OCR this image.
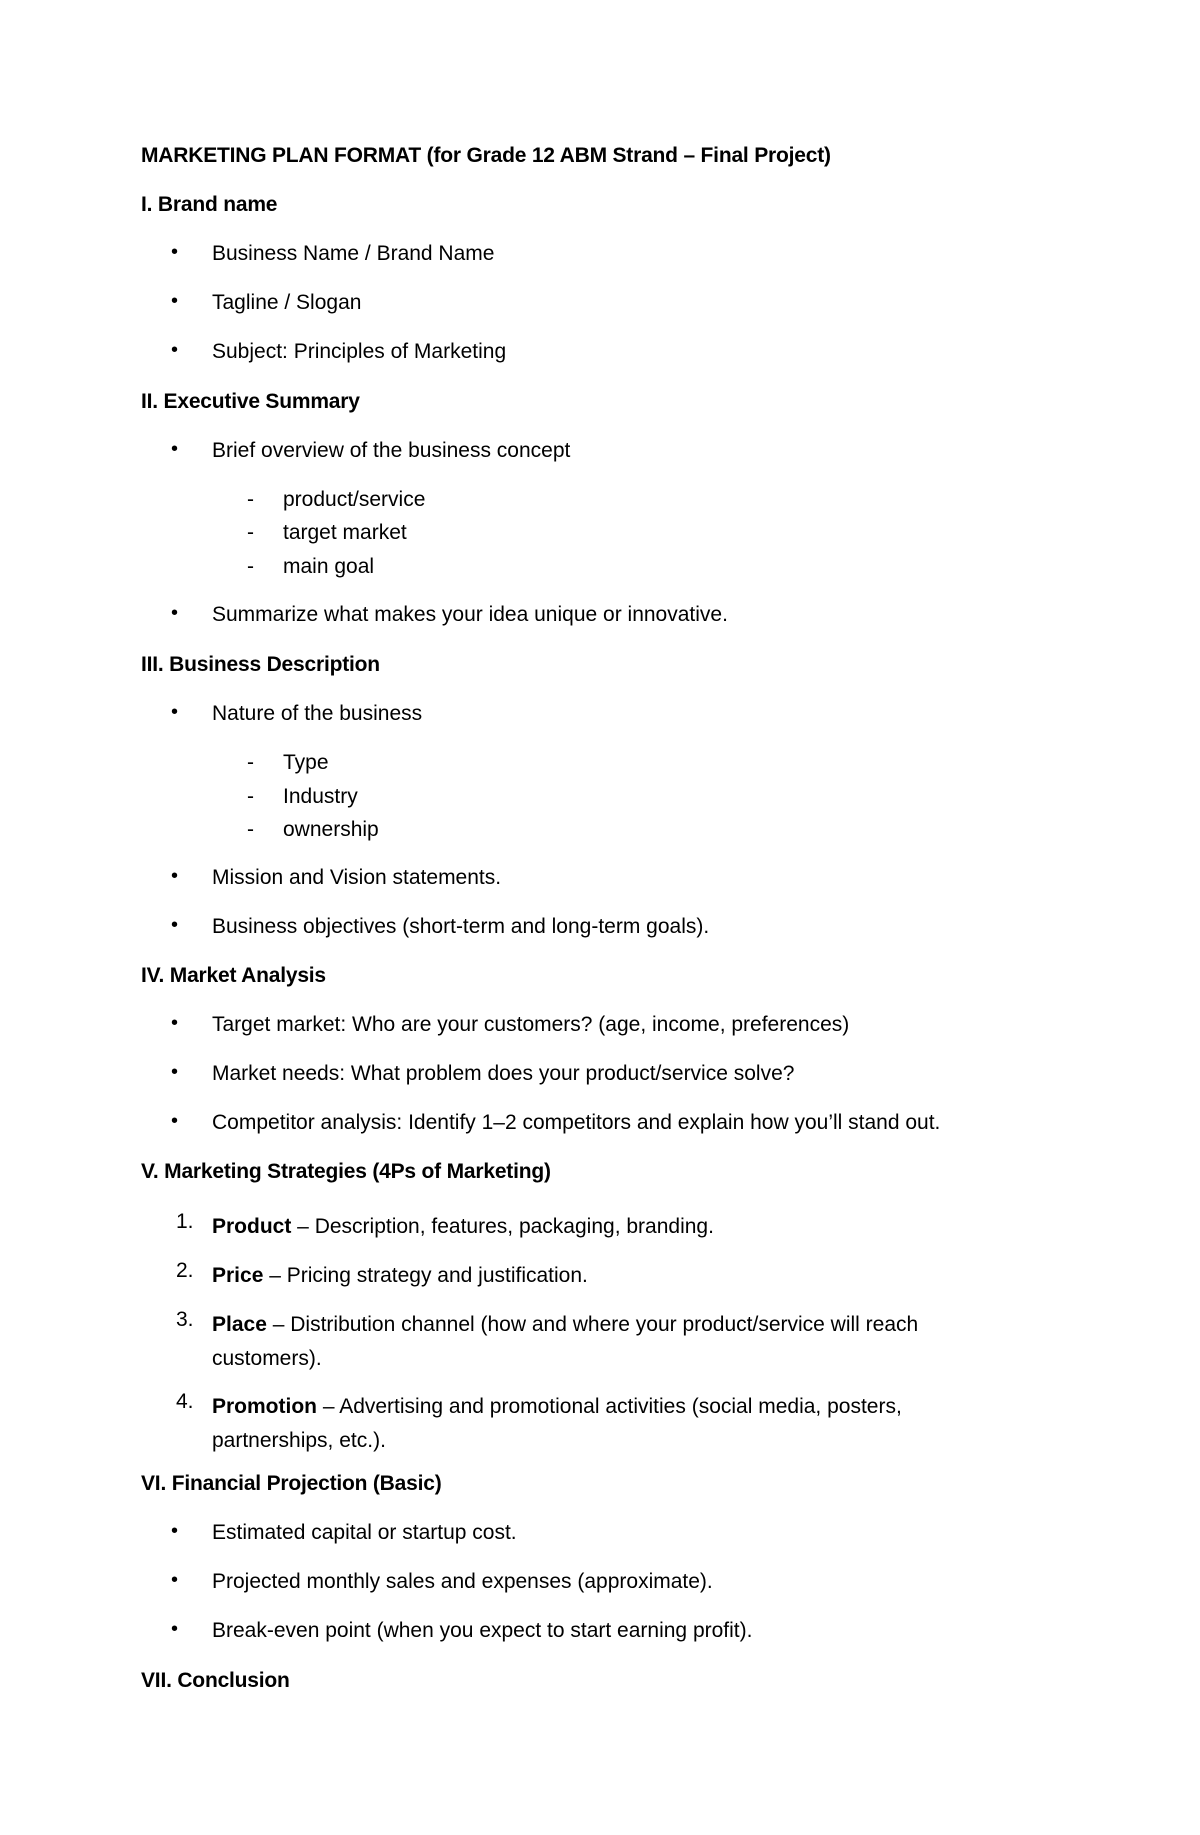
MARKETING PLAN FORMAT (for Grade 12 ABM Strand – Final Project)
I. Brand name
Business Name / Brand Name
Tagline / Slogan
Subject: Principles of Marketing
II. Executive Summary
Brief overview of the business concept
product/service
target market
main goal
Summarize what makes your idea unique or innovative.
III. Business Description
Nature of the business
Type
Industry
ownership
Mission and Vision statements.
Business objectives (short-term and long-term goals).
IV. Market Analysis
Target market: Who are your customers? (age, income, preferences)
Market needs: What problem does your product/service solve?
Competitor analysis: Identify 1–2 competitors and explain how you’ll stand out.
V. Marketing Strategies (4Ps of Marketing)
1. Product – Description, features, packaging, branding.
2. Price – Pricing strategy and justification.
3. Place – Distribution channel (how and where your product/service will reach customers).
4. Promotion – Advertising and promotional activities (social media, posters, partnerships, etc.).
VI. Financial Projection (Basic)
Estimated capital or startup cost.
Projected monthly sales and expenses (approximate).
Break-even point (when you expect to start earning profit).
VII. Conclusion
